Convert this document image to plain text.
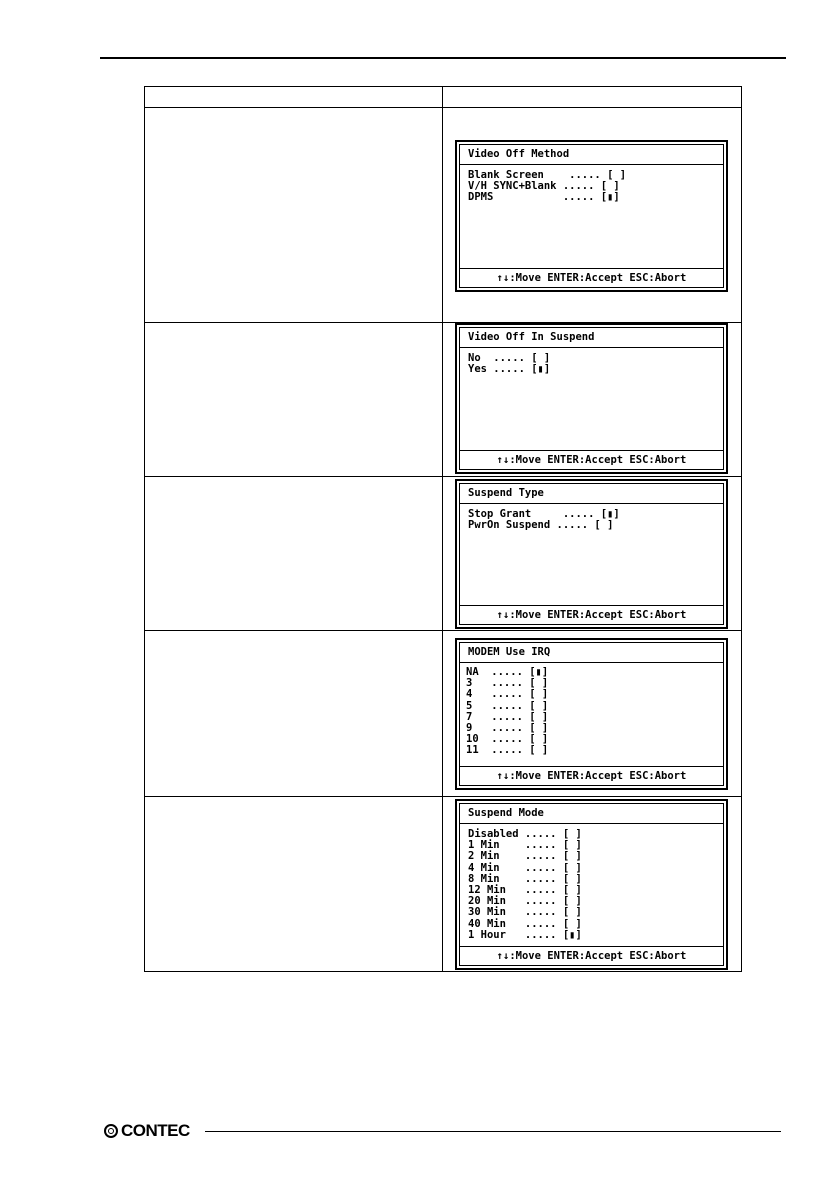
Video Off Method
Blank Screen    ..... [ ]
V/H SYNC+Blank ..... [ ]
DPMS           ..... [▮]
↑↓:Move ENTER:Accept ESC:Abort
Video Off In Suspend
No  ..... [ ]
Yes ..... [▮]
↑↓:Move ENTER:Accept ESC:Abort
Suspend Type
Stop Grant     ..... [▮]
PwrOn Suspend ..... [ ]
↑↓:Move ENTER:Accept ESC:Abort
MODEM Use IRQ
NA  ..... [▮]
3   ..... [ ]
4   ..... [ ]
5   ..... [ ]
7   ..... [ ]
9   ..... [ ]
10  ..... [ ]
11  ..... [ ]
↑↓:Move ENTER:Accept ESC:Abort
Suspend Mode
Disabled ..... [ ]
1 Min    ..... [ ]
2 Min    ..... [ ]
4 Min    ..... [ ]
8 Min    ..... [ ]
12 Min   ..... [ ]
20 Min   ..... [ ]
30 Min   ..... [ ]
40 Min   ..... [ ]
1 Hour   ..... [▮]
↑↓:Move ENTER:Accept ESC:Abort
CONTEC
